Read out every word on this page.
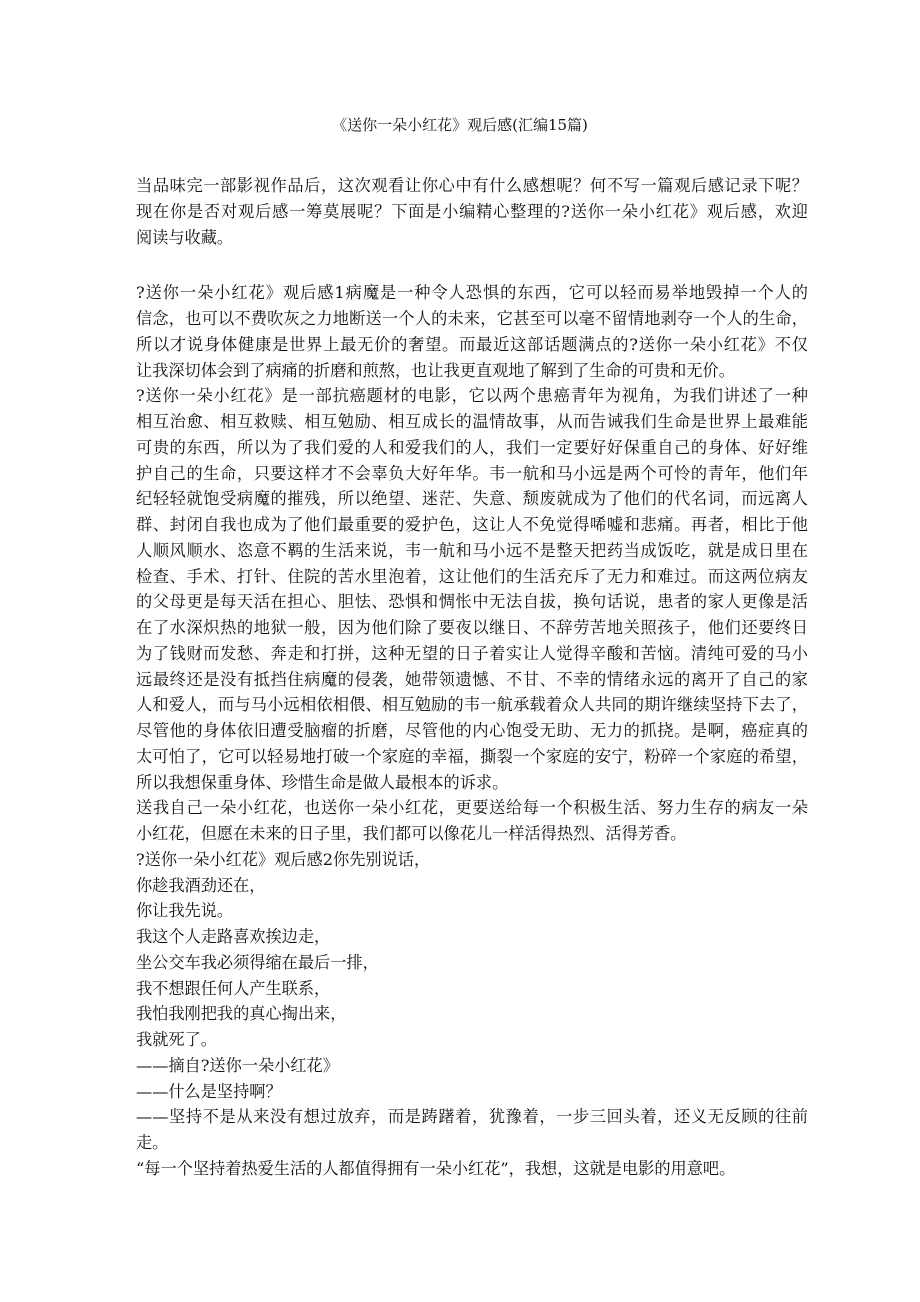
《送你一朵小红花》观后感(汇编15篇)
当品味完一部影视作品后，这次观看让你心中有什么感想呢？何不写一篇观后感记录下呢？
现在你是否对观后感一筹莫展呢？下面是小编精心整理的?送你一朵小红花》观后感，欢迎
阅读与收藏。
?送你一朵小红花》观后感1病魔是一种令人恐惧的东西，它可以轻而易举地毁掉一个人的
信念，也可以不费吹灰之力地断送一个人的未来，它甚至可以毫不留情地剥夺一个人的生命，
所以才说身体健康是世界上最无价的奢望。而最近这部话题满点的?送你一朵小红花》不仅
让我深切体会到了病痛的折磨和煎熬，也让我更直观地了解到了生命的可贵和无价。
?送你一朵小红花》是一部抗癌题材的电影，它以两个患癌青年为视角，为我们讲述了一种
相互治愈、相互救赎、相互勉励、相互成长的温情故事，从而告诫我们生命是世界上最难能
可贵的东西，所以为了我们爱的人和爱我们的人，我们一定要好好保重自己的身体、好好维
护自己的生命，只要这样才不会辜负大好年华。韦一航和马小远是两个可怜的青年，他们年
纪轻轻就饱受病魔的摧残，所以绝望、迷茫、失意、颓废就成为了他们的代名词，而远离人
群、封闭自我也成为了他们最重要的爱护色，这让人不免觉得唏嘘和悲痛。再者，相比于他
人顺风顺水、恣意不羁的生活来说，韦一航和马小远不是整天把药当成饭吃，就是成日里在
检查、手术、打针、住院的苦水里泡着，这让他们的生活充斥了无力和难过。而这两位病友
的父母更是每天活在担心、胆怯、恐惧和惆怅中无法自拔，换句话说，患者的家人更像是活
在了水深炽热的地狱一般，因为他们除了要夜以继日、不辞劳苦地关照孩子，他们还要终日
为了钱财而发愁、奔走和打拼，这种无望的日子着实让人觉得辛酸和苦恼。清纯可爱的马小
远最终还是没有抵挡住病魔的侵袭，她带领遗憾、不甘、不幸的情绪永远的离开了自己的家
人和爱人，而与马小远相依相偎、相互勉励的韦一航承载着众人共同的期许继续坚持下去了，
尽管他的身体依旧遭受脑瘤的折磨，尽管他的内心饱受无助、无力的抓挠。是啊，癌症真的
太可怕了，它可以轻易地打破一个家庭的幸福，撕裂一个家庭的安宁，粉碎一个家庭的希望，
所以我想保重身体、珍惜生命是做人最根本的诉求。
送我自己一朵小红花，也送你一朵小红花，更要送给每一个积极生活、努力生存的病友一朵
小红花，但愿在未来的日子里，我们都可以像花儿一样活得热烈、活得芳香。
?送你一朵小红花》观后感2你先别说话，
你趁我酒劲还在，
你让我先说。
我这个人走路喜欢挨边走，
坐公交车我必须得缩在最后一排，
我不想跟任何人产生联系，
我怕我刚把我的真心掏出来，
我就死了。
——摘自?送你一朵小红花》
——什么是坚持啊？
——坚持不是从来没有想过放弃，而是踌躇着，犹豫着，一步三回头着，还义无反顾的往前
走。
“每一个坚持着热爱生活的人都值得拥有一朵小红花”，我想，这就是电影的用意吧。
